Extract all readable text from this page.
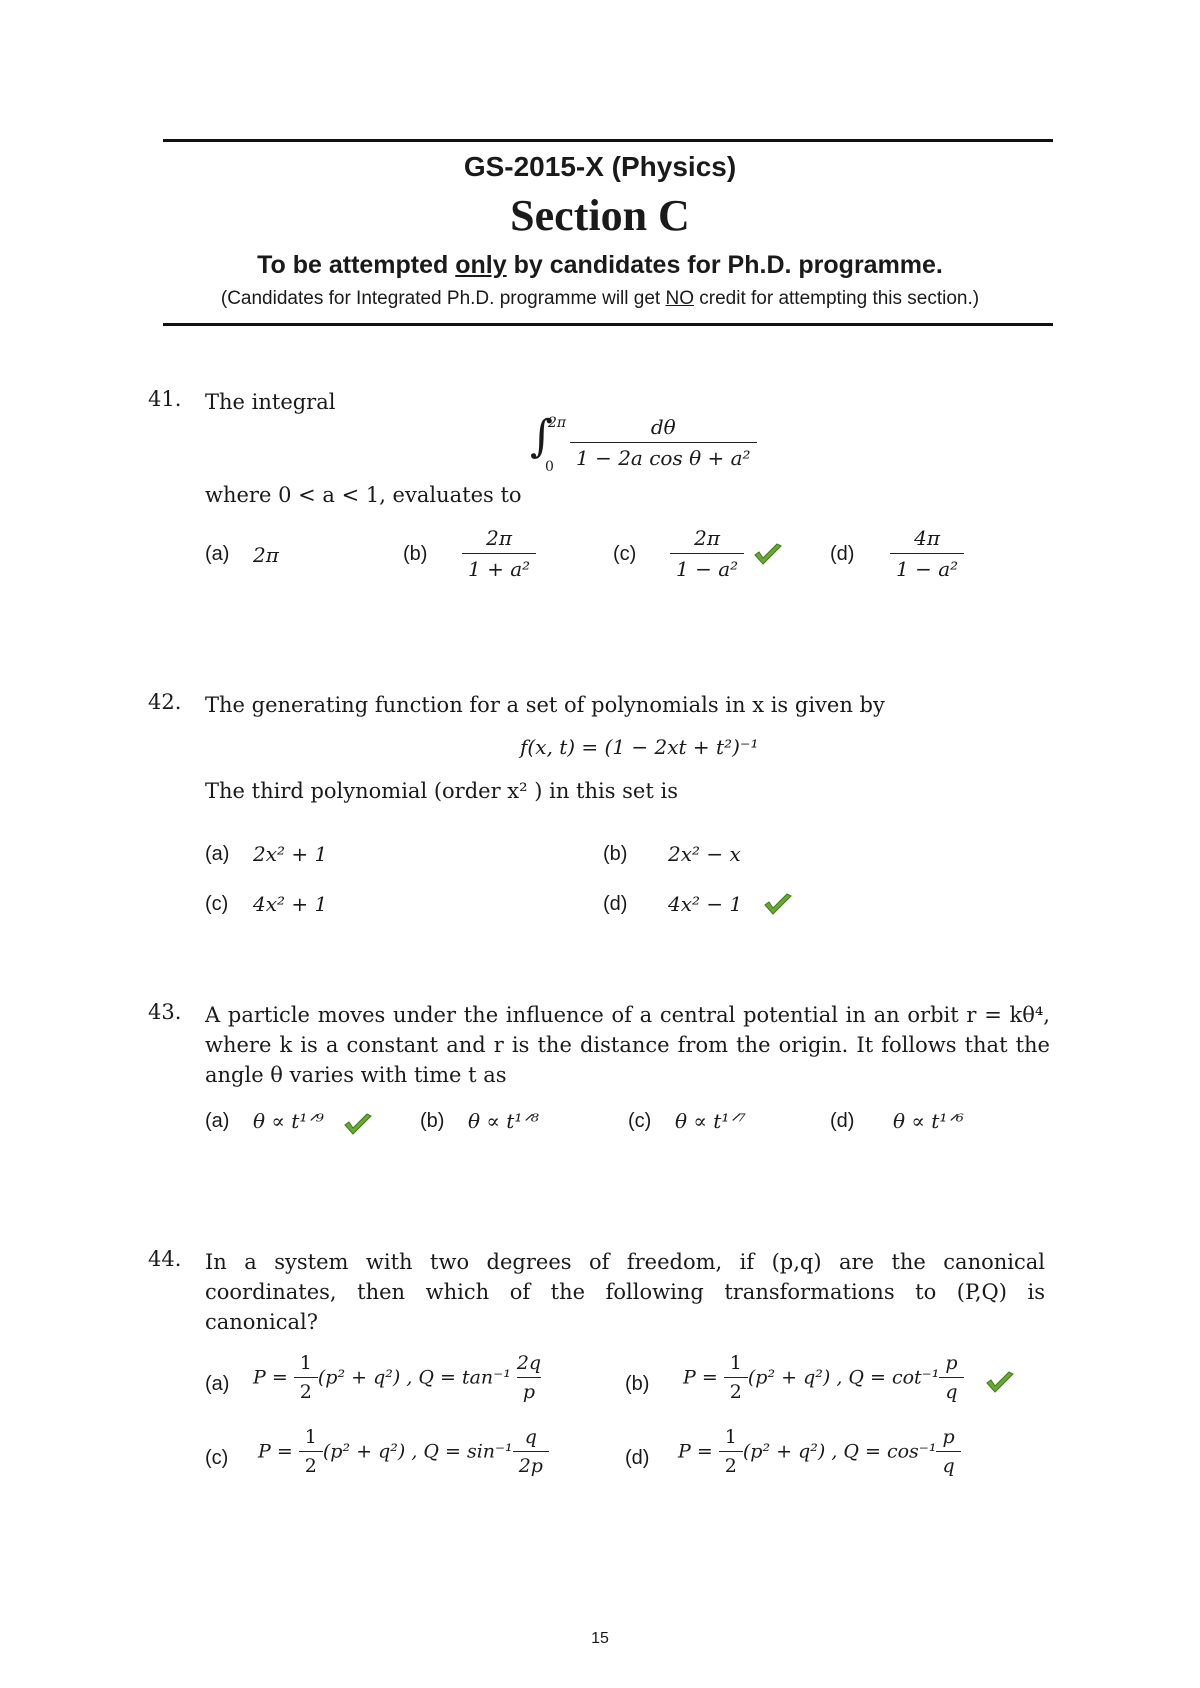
GS-2015-X (Physics)
Section C
To be attempted only by candidates for Ph.D. programme.
(Candidates for Integrated Ph.D. programme will get NO credit for attempting this section.)
41. The integral
∫
2π
$0 \frac{d\theta}{\text{1 − 2a cos θ + a²}}$
where 0 < a < 1, evaluates to
(a) 2π	$(b) \frac{2\pi}{\text{1 + a²}}$	$(c) \frac{2\pi}{\text{1 − a²}}$	$(d) \frac{4\pi}{\text{1 − a²}}$
42. The generating function for a set of polynomials in x is given by
f(x, t) = (1 − 2xt + t²)⁻¹
The third polynomial (order x² ) in this set is
(a) 2x² + 1	(b) 2x² − x
(c) 4x² + 1	(d) 4x² − 1
43. A particle moves under the influence of a central potential in an orbit r = kθ⁴,
where k is a constant and r is the distance from the origin. It follows that the
angle θ varies with time t as
(a) θ ∝ t¹ᐟ⁹	(b) θ ∝ t¹ᐟ⁸	(c) θ ∝ t¹ᐟ⁷	(d) θ ∝ t¹ᐟ⁶
44. In a system with two degrees of freedom, if (p,q) are the canonical
coordinates, then which of the following transformations to (P,Q) is
canonical?
(a) $P = \frac{1}{2} (p^2 + q^2)$ , $Q = \tan^{-1} \frac{2q}{p}$	(b) $P = \frac{1}{2} (p^2 + q^2)$ , $Q = \cot^{-1} \frac{p}{q}$
(c) $P = \frac{1}{2} (p^2 + q^2)$ , $Q = \sin^{-1} \frac{q}{2p}$	(d) $P = \frac{1}{2} (p^2 + q^2)$ , $Q = \cos^{-1} \frac{p}{q}$
15
